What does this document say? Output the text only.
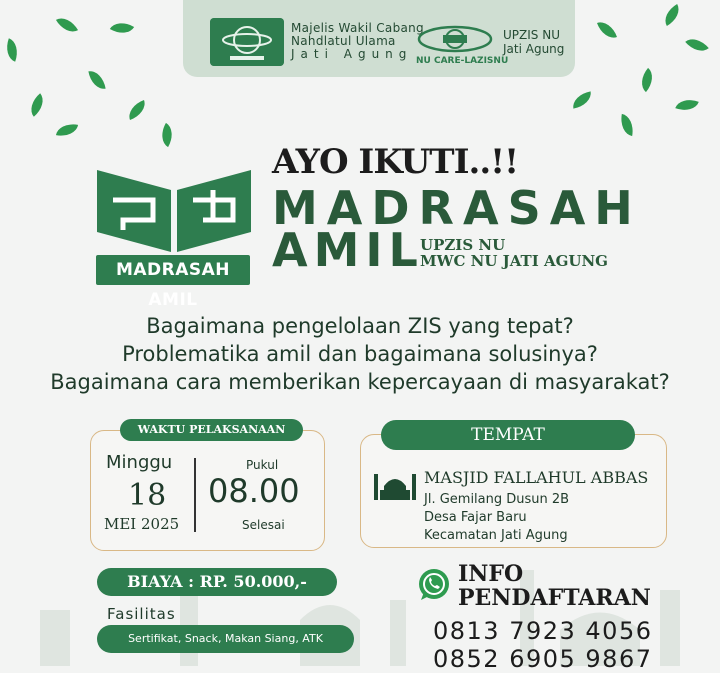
Majelis Wakil Cabang
Nahdlatul Ulama
Jati Agung NU CARE-LAZISNU
UPZIS NU
Jati Agung
MADRASAH AMIL
AYO IKUTI..!!
MADRASAH
AMIL
UPZIS NU
MWC NU JATI AGUNG
Bagaimana pengelolaan ZIS yang tepat?
Problematika amil dan bagaimana solusinya?
Bagaimana cara memberikan kepercayaan di masyarakat?
WAKTU PELAKSANAAN
Minggu
18
MEI 2025
Pukul
08.00
Selesai
TEMPAT
MASJID FALLAHUL ABBAS
Jl. Gemilang Dusun 2B
Desa Fajar Baru
Kecamatan Jati Agung
BIAYA : RP. 50.000,-
Fasilitas
Sertifikat, Snack, Makan Siang, ATK
INFO
PENDAFTARAN
0813 7923 4056
0852 6905 9867
